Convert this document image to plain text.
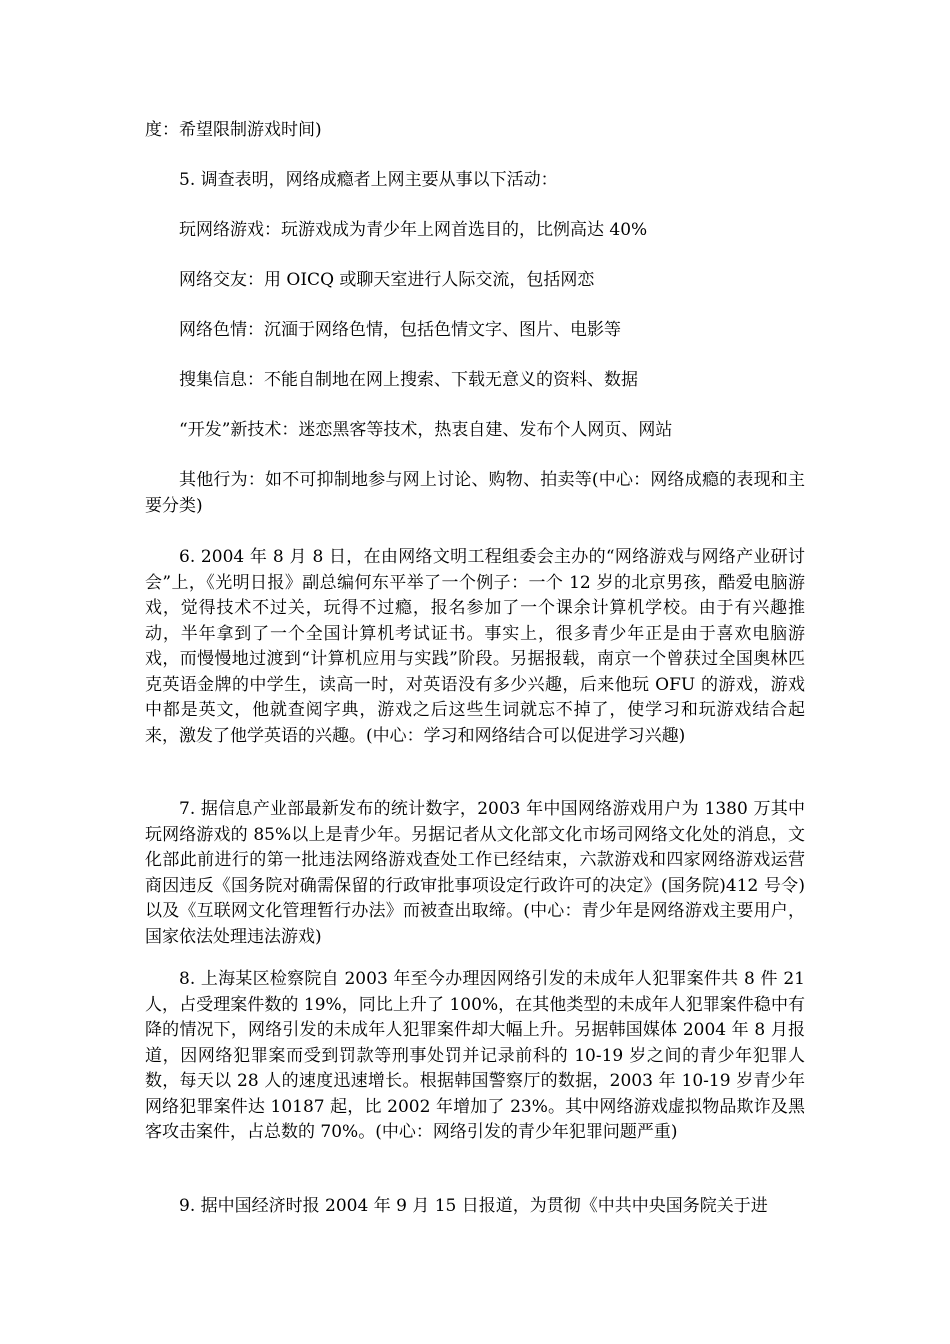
度：希望限制游戏时间)

5. 调查表明，网络成瘾者上网主要从事以下活动：

玩网络游戏：玩游戏成为青少年上网首选目的，比例高达 40%

网络交友：用 OICQ 或聊天室进行人际交流，包括网恋

网络色情：沉湎于网络色情，包括色情文字、图片、电影等

搜集信息：不能自制地在网上搜索、下载无意义的资料、数据

“开发”新技术：迷恋黑客等技术，热衷自建、发布个人网页、网站

其他行为：如不可抑制地参与网上讨论、购物、拍卖等(中心：网络成瘾的表现和主要分类)

6. 2004 年 8 月 8 日，在由网络文明工程组委会主办的“网络游戏与网络产业研讨会”上，《光明日报》副总编何东平举了一个例子：一个 12 岁的北京男孩，酷爱电脑游戏，觉得技术不过关，玩得不过瘾，报名参加了一个课余计算机学校。由于有兴趣推动，半年拿到了一个全国计算机考试证书。事实上，很多青少年正是由于喜欢电脑游戏，而慢慢地过渡到“计算机应用与实践”阶段。另据报载，南京一个曾获过全国奥林匹克英语金牌的中学生，读高一时，对英语没有多少兴趣，后来他玩 OFU 的游戏，游戏中都是英文，他就查阅字典，游戏之后这些生词就忘不掉了，使学习和玩游戏结合起来，激发了他学英语的兴趣。(中心：学习和网络结合可以促进学习兴趣)

7. 据信息产业部最新发布的统计数字，2003 年中国网络游戏用户为 1380 万其中玩网络游戏的 85%以上是青少年。另据记者从文化部文化市场司网络文化处的消息，文化部此前进行的第一批违法网络游戏查处工作已经结束，六款游戏和四家网络游戏运营商因违反《国务院对确需保留的行政审批事项设定行政许可的决定》(国务院)412 号令)以及《互联网文化管理暂行办法》而被查出取缔。(中心：青少年是网络游戏主要用户，国家依法处理违法游戏)

8. 上海某区检察院自 2003 年至今办理因网络引发的未成年人犯罪案件共 8 件 21 人，占受理案件数的 19%，同比上升了 100%，在其他类型的未成年人犯罪案件稳中有降的情况下，网络引发的未成年人犯罪案件却大幅上升。另据韩国媒体 2004 年 8 月报道，因网络犯罪案而受到罚款等刑事处罚并记录前科的 10-19 岁之间的青少年犯罪人数，每天以 28 人的速度迅速增长。根据韩国警察厅的数据，2003 年 10-19 岁青少年网络犯罪案件达 10187 起，比 2002 年增加了 23%。其中网络游戏虚拟物品欺诈及黑客攻击案件，占总数的 70%。(中心：网络引发的青少年犯罪问题严重)

9. 据中国经济时报 2004 年 9 月 15 日报道，为贯彻《中共中央国务院关于进
